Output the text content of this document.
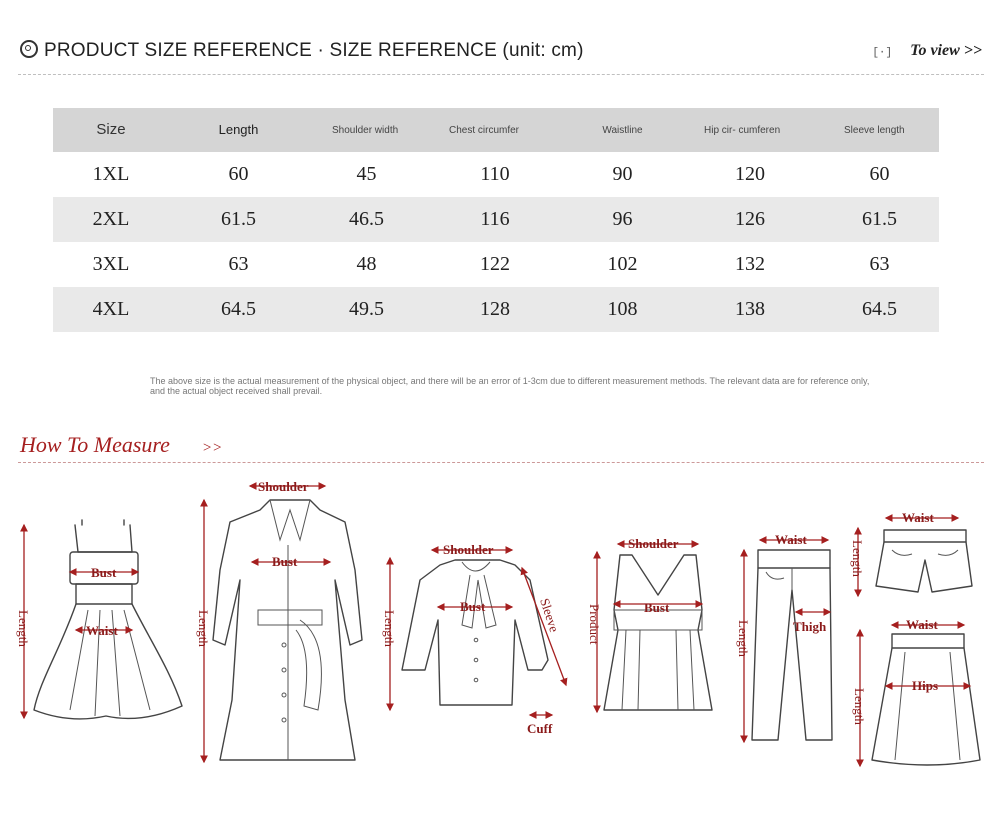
PRODUCT SIZE REFERENCE · SIZE REFERENCE (unit: cm)	[·] To view >>
Size	Length	Shoulder width	Chest circumfer	Waistline	Hip cir- cumferen	Sleeve length
1XL	60	45	110	90	120	60
2XL	61.5	46.5	116	96	126	61.5
3XL	63	48	122	102	132	63
4XL	64.5	49.5	128	108	138	64.5
The above size is the actual measurement of the physical object, and there will be an error of 1-3cm due to different measurement methods. The relevant data are for reference only, and the actual object received shall prevail.
How To Measure >>
Bust
Waist
Length
Shoulder
Bust
Length
Shoulder
Bust	Sleeve
Cuff
Length
Shoulder
Bust
Product
Waist
Thigh
Length
Waist
Length
Waist
Hips
Length
